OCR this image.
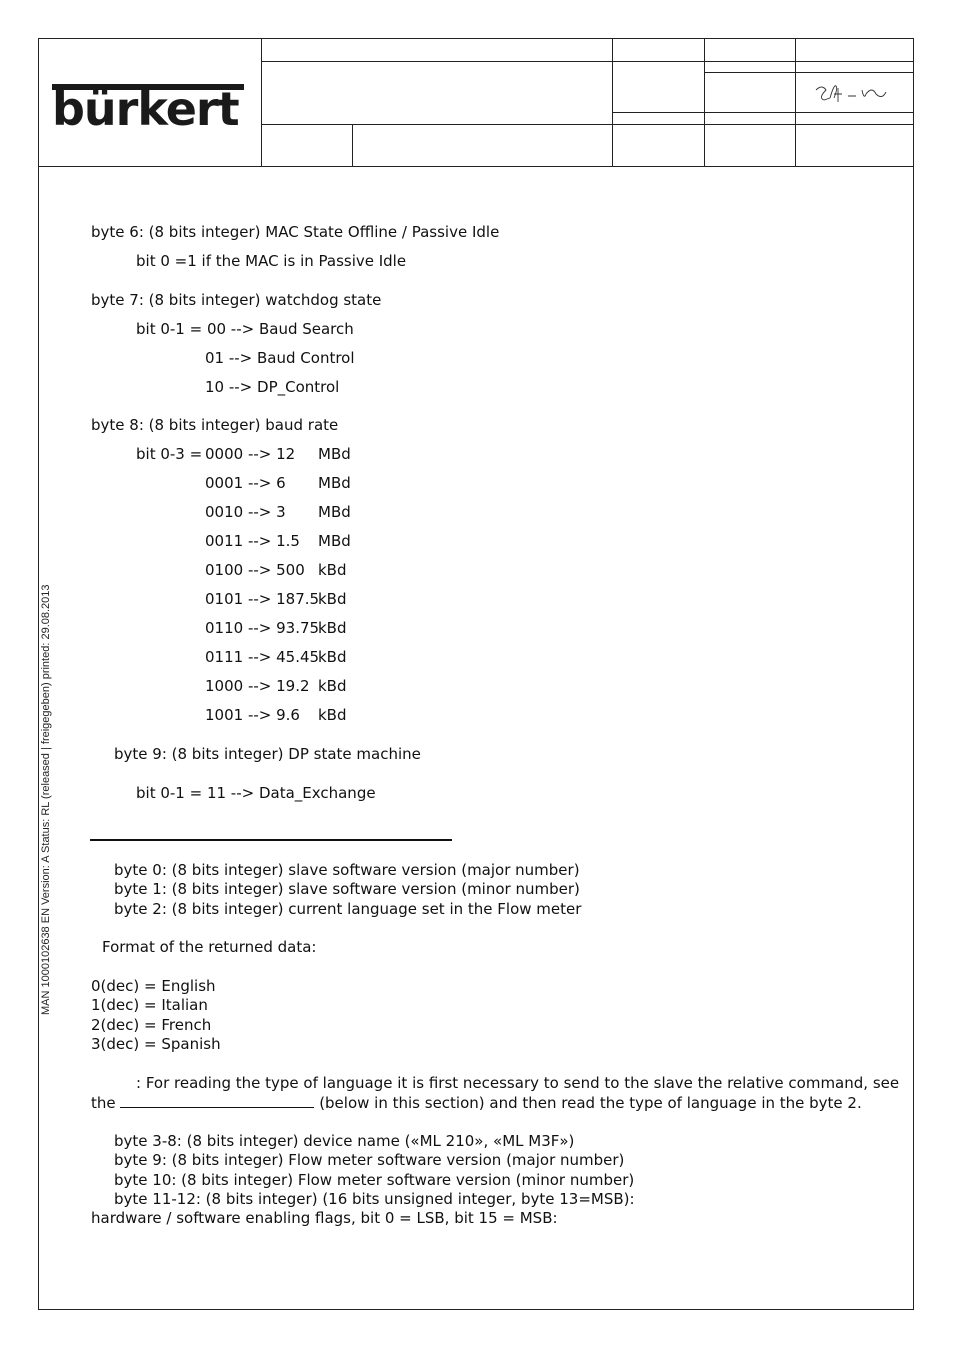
bürkert
MAN 1000102638 EN Version: A Status: RL (released | freigegeben) printed: 29.08.2013
byte 6: (8 bits integer) MAC State Offline / Passive Idle
bit 0 =1 if the MAC is in Passive Idle
byte 7: (8 bits integer) watchdog state
bit 0-1 = 00 --> Baud Search
01 --> Baud Control
10 --> DP_Control
byte 8: (8 bits integer) baud rate
bit 0-3 =
0000 --> 12 MBd
0001 --> 6 MBd
0010 --> 3 MBd
0011 --> 1.5 MBd
0100 --> 500 kBd
0101 --> 187.5
kBd
0110 --> 93.75
kBd
0111 --> 45.45
kBd
1000 --> 19.2 kBd
1001 --> 9.6 kBd
byte 9: (8 bits integer) DP state machine
bit 0-1 = 11 --> Data_Exchange
byte 0: (8 bits integer) slave software version (major number)
byte 1: (8 bits integer) slave software version (minor number)
byte 2: (8 bits integer) current language set in the Flow meter
Format of the returned data:
0(dec) = English
1(dec) = Italian
2(dec) = French
3(dec) = Spanish
: For reading the type of language it is first necessary to send to the slave the relative command, see
the	(below in this section) and then read the type of language in the byte 2.
byte 3-8: (8 bits integer) device name («ML 210», «ML M3F»)
byte 9: (8 bits integer) Flow meter software version (major number)
byte 10: (8 bits integer) Flow meter software version (minor number)
byte 11-12: (8 bits integer) (16 bits unsigned integer, byte 13=MSB):
hardware / software enabling flags, bit 0 = LSB, bit 15 = MSB:
